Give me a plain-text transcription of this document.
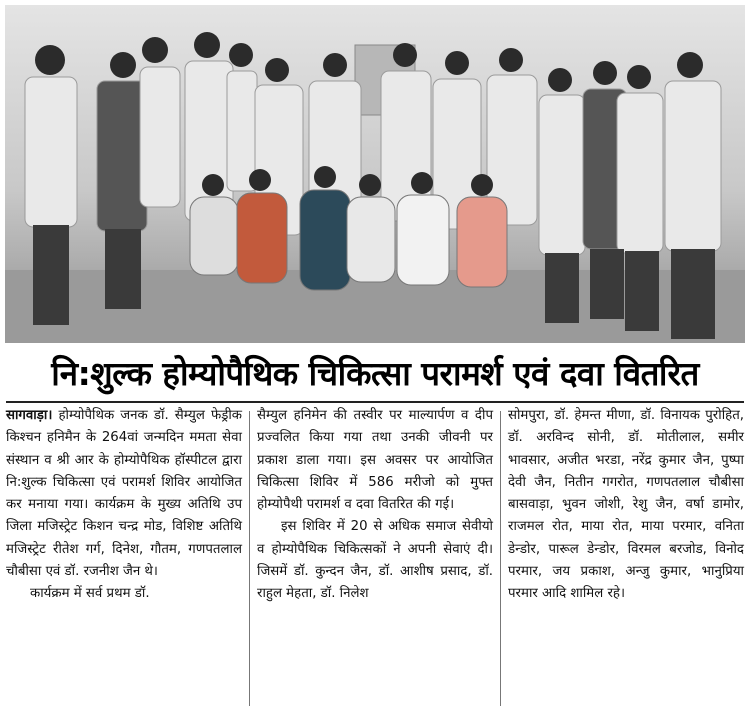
नि:शुल्क होम्योपैथिक चिकित्सा परामर्श एवं दवा वितरित

सागवाड़ा। होम्योपैथिक जनक डॉ. सैम्युल फेड्रीक किश्चन हनिमैन के 264वां जन्मदिन ममता सेवा संस्थान व श्री आर के होम्योपैथिक हॉस्पीटल द्वारा नि:शुल्क चिकित्सा एवं परामर्श शिविर आयोजित कर मनाया गया। कार्यक्रम के मुख्य अतिथि उप जिला मजिस्ट्रेट किशन चन्द्र मोड, विशिष्ट अतिथि मजिस्ट्रेट रीतेश गर्ग, दिनेश, गौतम, गणपतलाल चौबीसा एवं डॉ. रजनीश जैन थे।

कार्यक्रम में सर्व प्रथम डॉ.

सैम्युल हनिमेन की तस्वीर पर माल्यार्पण व दीप प्रज्वलित किया गया तथा उनकी जीवनी पर प्रकाश डाला गया। इस अवसर पर आयोजित चिकित्सा शिविर में 586 मरीजो को मुफ्त होम्योपैथी परामर्श व दवा वितरित की गई।

इस शिविर में 20 से अधिक समाज सेवीयो व होम्योपैथिक चिकित्सकों ने अपनी सेवाएं दी। जिसमें डॉ. कुन्दन जैन, डॉ. आशीष प्रसाद, डॉ. राहुल मेहता, डॉ. निलेश

सोमपुरा, डॉ. हेमन्त मीणा, डॉ. विनायक पुरोहित, डॉ. अरविन्द सोनी, डॉ. मोतीलाल, समीर भावसार, अजीत भरडा, नरेंद्र कुमार जैन, पुष्पा देवी जैन, नितीन गगरोत, गणपतलाल चौबीसा बासवाड़ा, भुवन जोशी, रेशु जैन, वर्षा डामोर, राजमल रोत, माया रोत, माया परमार, वनिता डेन्डोर, पारूल डेन्डोर, विरमल बरजोड, विनोद परमार, जय प्रकाश, अन्जु कुमार, भानुप्रिया परमार आदि शामिल रहे।
